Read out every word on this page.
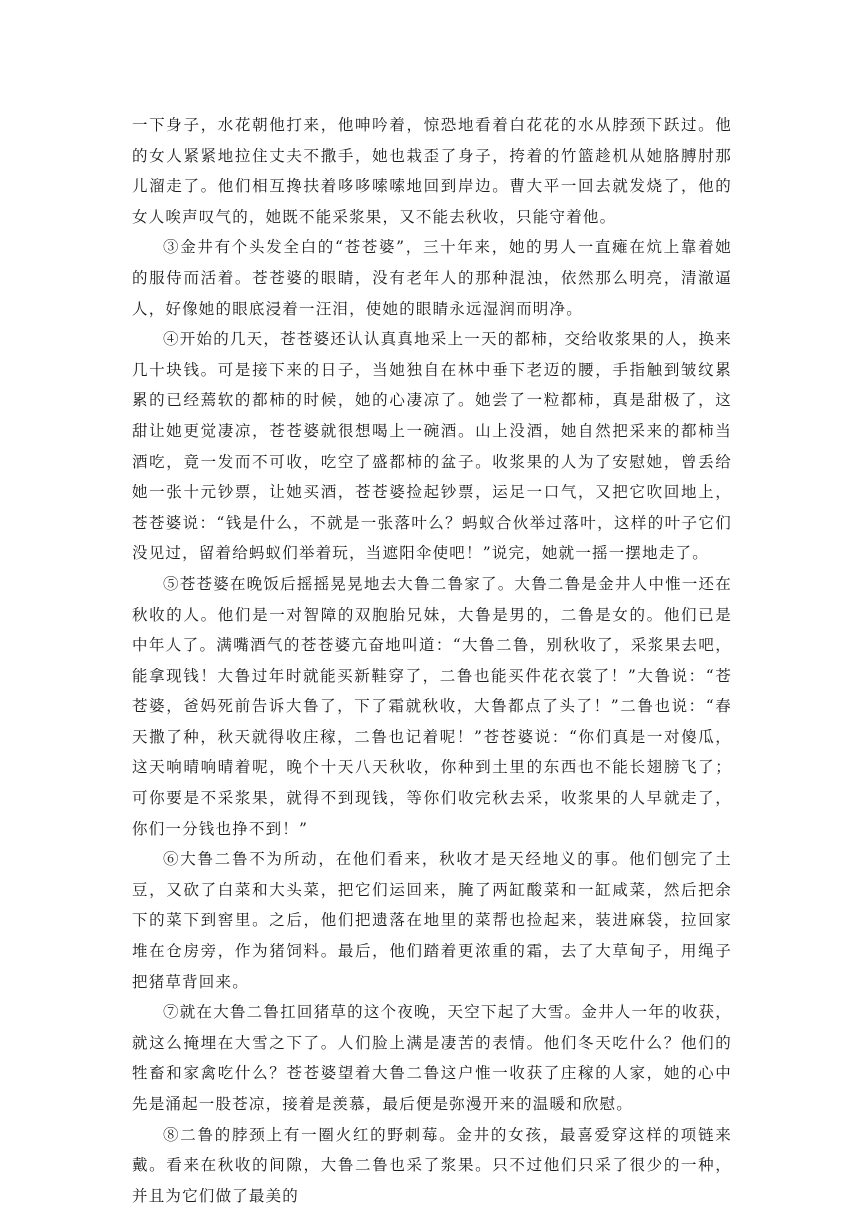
一下身子，水花朝他打来，他呻吟着，惊恐地看着白花花的水从脖颈下跃过。他的女人紧紧地拉住丈夫不撒手，她也栽歪了身子，挎着的竹篮趁机从她胳膊肘那儿溜走了。他们相互搀扶着哆哆嗦嗦地回到岸边。曹大平一回去就发烧了，他的女人唉声叹气的，她既不能采浆果，又不能去秋收，只能守着他。

③金井有个头发全白的“苍苍婆”，三十年来，她的男人一直瘫在炕上靠着她的服侍而活着。苍苍婆的眼睛，没有老年人的那种混浊，依然那么明亮，清澈逼人，好像她的眼底浸着一汪泪，使她的眼睛永远湿润而明净。

④开始的几天，苍苍婆还认认真真地采上一天的都柿，交给收浆果的人，换来几十块钱。可是接下来的日子，当她独自在林中垂下老迈的腰，手指触到皱纹累累的已经蔫软的都柿的时候，她的心凄凉了。她尝了一粒都柿，真是甜极了，这甜让她更觉凄凉，苍苍婆就很想喝上一碗酒。山上没酒，她自然把采来的都柿当酒吃，竟一发而不可收，吃空了盛都柿的盆子。收浆果的人为了安慰她，曾丢给她一张十元钞票，让她买酒，苍苍婆捡起钞票，运足一口气，又把它吹回地上，苍苍婆说：“钱是什么，不就是一张落叶么？蚂蚁合伙举过落叶，这样的叶子它们没见过，留着给蚂蚁们举着玩，当遮阳伞使吧！”说完，她就一摇一摆地走了。

⑤苍苍婆在晚饭后摇摇晃晃地去大鲁二鲁家了。大鲁二鲁是金井人中惟一还在秋收的人。他们是一对智障的双胞胎兄妹，大鲁是男的，二鲁是女的。他们已是中年人了。满嘴酒气的苍苍婆亢奋地叫道：“大鲁二鲁，别秋收了，采浆果去吧，能拿现钱！大鲁过年时就能买新鞋穿了，二鲁也能买件花衣裳了！”大鲁说：“苍苍婆，爸妈死前告诉大鲁了，下了霜就秋收，大鲁都点了头了！”二鲁也说：“春天撒了种，秋天就得收庄稼，二鲁也记着呢！”苍苍婆说：“你们真是一对傻瓜，这天响晴响晴着呢，晚个十天八天秋收，你种到土里的东西也不能长翅膀飞了；可你要是不采浆果，就得不到现钱，等你们收完秋去采，收浆果的人早就走了，你们一分钱也挣不到！”

⑥大鲁二鲁不为所动，在他们看来，秋收才是天经地义的事。他们刨完了土豆，又砍了白菜和大头菜，把它们运回来，腌了两缸酸菜和一缸咸菜，然后把余下的菜下到窖里。之后，他们把遗落在地里的菜帮也捡起来，装进麻袋，拉回家堆在仓房旁，作为猪饲料。最后，他们踏着更浓重的霜，去了大草甸子，用绳子把猪草背回来。

⑦就在大鲁二鲁扛回猪草的这个夜晚，天空下起了大雪。金井人一年的收获，就这么掩埋在大雪之下了。人们脸上满是凄苦的表情。他们冬天吃什么？他们的牲畜和家禽吃什么？苍苍婆望着大鲁二鲁这户惟一收获了庄稼的人家，她的心中先是涌起一股苍凉，接着是羡慕，最后便是弥漫开来的温暖和欣慰。

⑧二鲁的脖颈上有一圈火红的野刺莓。金井的女孩，最喜爱穿这样的项链来戴。看来在秋收的间隙，大鲁二鲁也采了浆果。只不过他们只采了很少的一种，并且为它们做了最美的
